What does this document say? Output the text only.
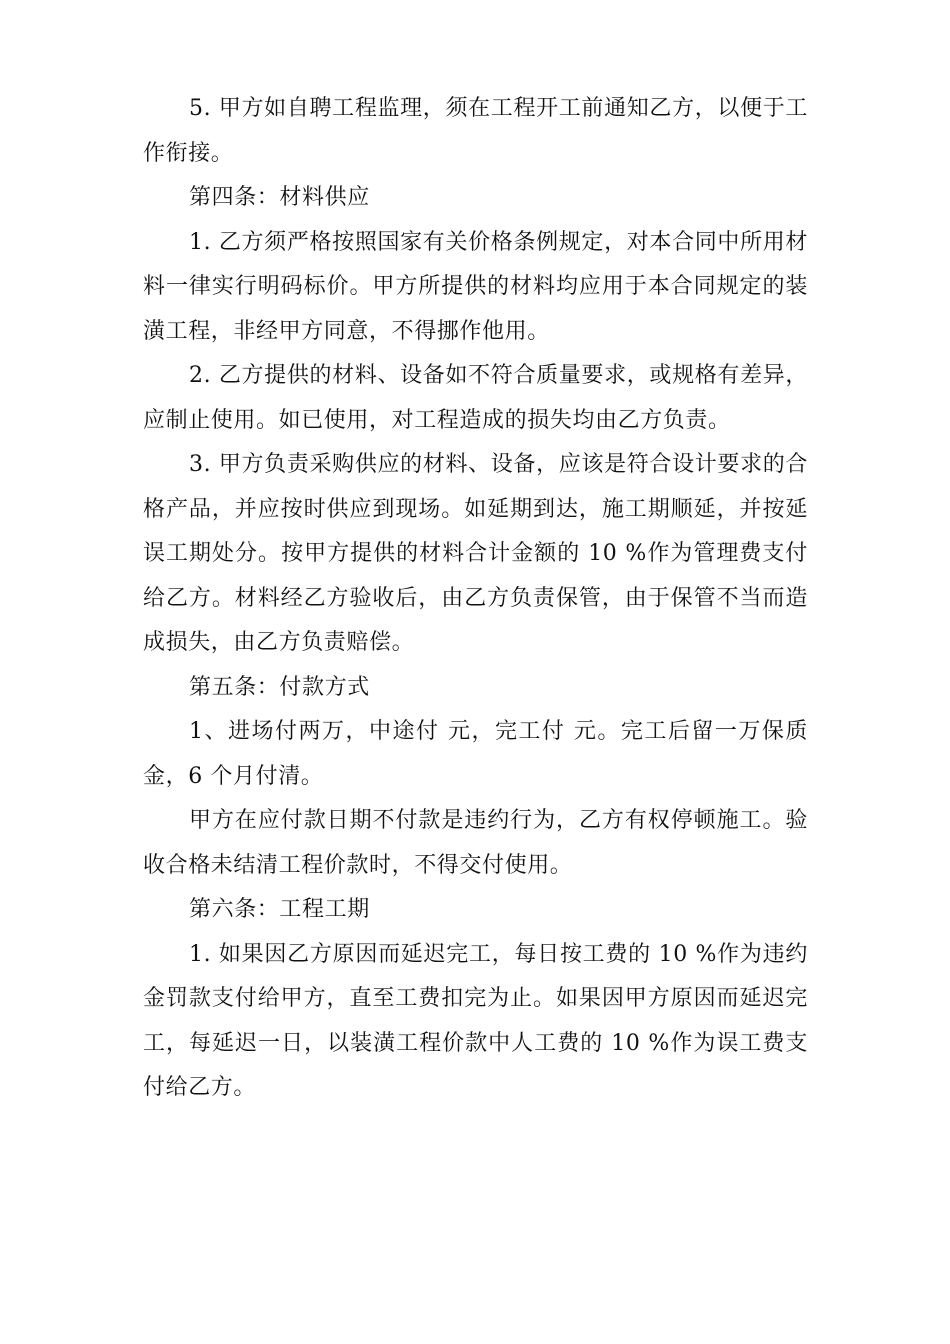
5. 甲方如自聘工程监理，须在工程开工前通知乙方，以便于工作衔接。

第四条：材料供应

1. 乙方须严格按照国家有关价格条例规定，对本合同中所用材料一律实行明码标价。甲方所提供的材料均应用于本合同规定的装潢工程，非经甲方同意，不得挪作他用。

2. 乙方提供的材料、设备如不符合质量要求，或规格有差异，应制止使用。如已使用，对工程造成的损失均由乙方负责。

3. 甲方负责采购供应的材料、设备，应该是符合设计要求的合格产品，并应按时供应到现场。如延期到达，施工期顺延，并按延误工期处分。按甲方提供的材料合计金额的 10 %作为管理费支付给乙方。材料经乙方验收后，由乙方负责保管，由于保管不当而造成损失，由乙方负责赔偿。

第五条：付款方式

1、进场付两万，中途付 元，完工付 元。完工后留一万保质金，6 个月付清。

甲方在应付款日期不付款是违约行为，乙方有权停顿施工。验收合格未结清工程价款时，不得交付使用。

第六条：工程工期

1. 如果因乙方原因而延迟完工，每日按工费的 10 %作为违约金罚款支付给甲方，直至工费扣完为止。如果因甲方原因而延迟完工，每延迟一日，以装潢工程价款中人工费的 10 %作为误工费支付给乙方。
